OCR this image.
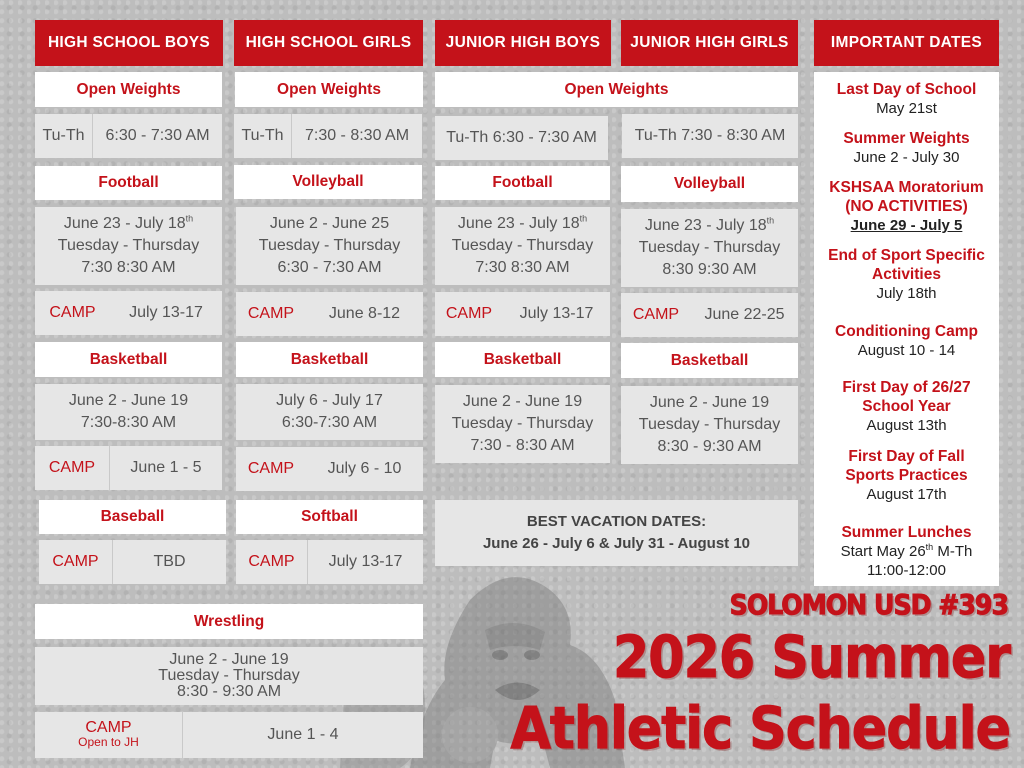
HIGH SCHOOL BOYS	HIGH SCHOOL GIRLS	JUNIOR HIGH BOYS	JUNIOR HIGH GIRLS	IMPORTANT DATES
Open Weights
Tu-Th	6:30 - 7:30 AM
Football
June 23 - July 18th
Tuesday - Thursday
7:30 8:30 AM
CAMP	July 13-17
Basketball
June 2 - June 19
7:30-8:30 AM
CAMP	June 1 - 5
Baseball
CAMP	TBD
Open Weights
Tu-Th	7:30 - 8:30 AM
Volleyball
June 2 - June 25
Tuesday - Thursday
6:30 - 7:30 AM
CAMP	June 8-12
Basketball
July 6 - July 17
6:30-7:30 AM
CAMP	July 6 - 10
Softball
CAMP	July 13-17
Open Weights
Tu-Th 6:30 - 7:30 AM	Tu-Th 7:30 - 8:30 AM
Football
June 23 - July 18th
Tuesday - Thursday
7:30 8:30 AM
CAMP	July 13-17
Volleyball
June 23 - July 18th
Tuesday - Thursday
8:30 9:30 AM
CAMP	June 22-25
Basketball
June 2 - June 19
Tuesday - Thursday
7:30 - 8:30 AM
Basketball
June 2 - June 19
Tuesday - Thursday
8:30 - 9:30 AM
BEST VACATION DATES:
June 26 - July 6 & July 31 - August 10
Wrestling
June 2 - June 19
Tuesday - Thursday
8:30 - 9:30 AM
CAMP
Open to JH	June 1 - 4
Last Day of School
May 21st
Summer Weights
June 2 - July 30
KSHSAA Moratorium (NO ACTIVITIES)
June 29 - July 5
End of Sport Specific Activities
July 18th
Conditioning Camp
August 10 - 14
First Day of 26/27 School Year
August 13th
First Day of Fall Sports Practices
August 17th
Summer Lunches
Start May 26th M-Th
11:00-12:00
SOLOMON USD #393
2026 Summer
Athletic Schedule
